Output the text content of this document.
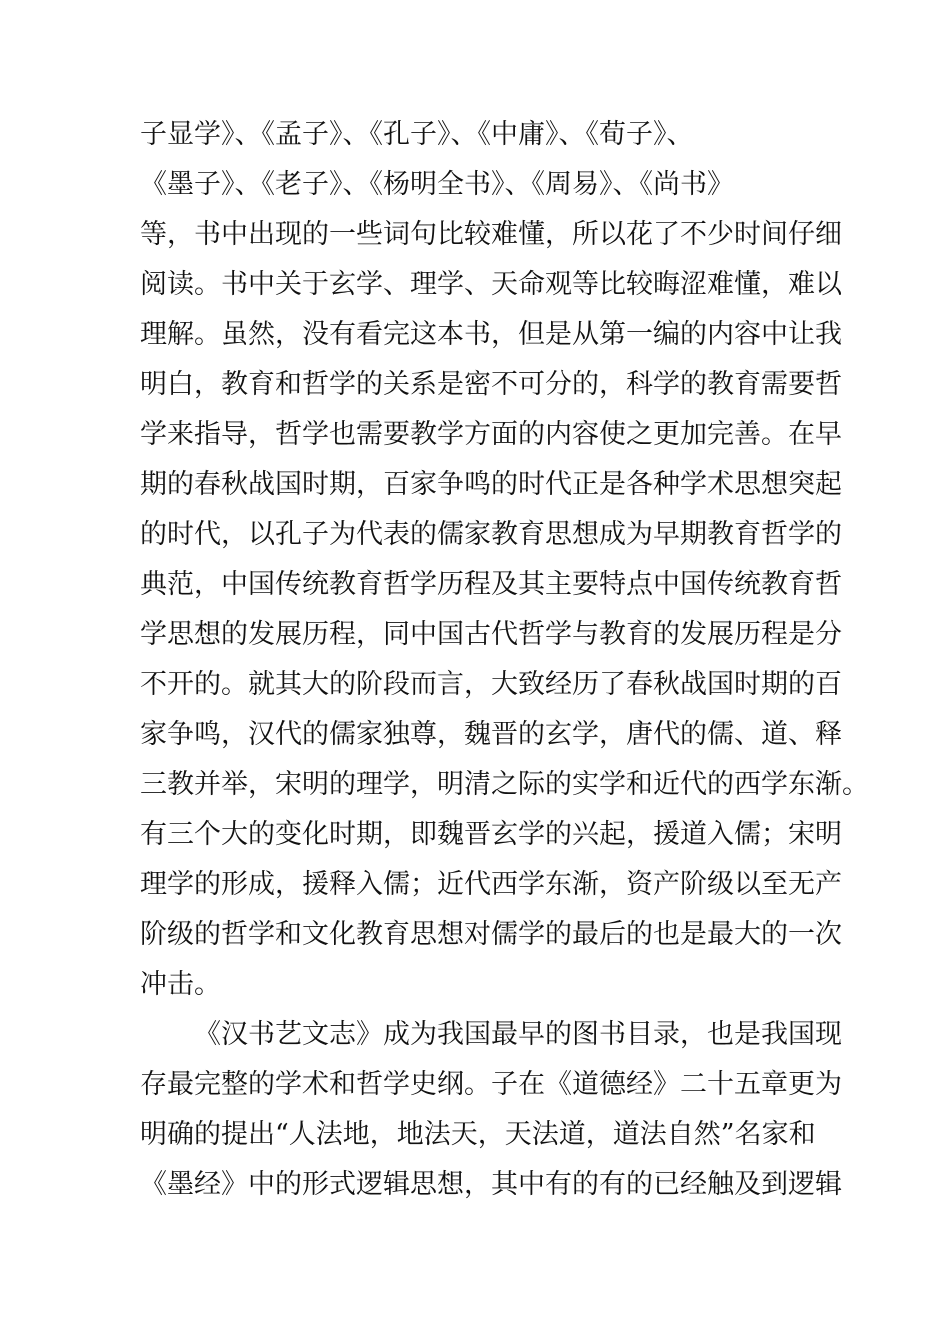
子显学》、《孟子》、《孔子》、《中庸》、《荀子》、
《墨子》、《老子》、《杨明全书》、《周易》、《尚书》
等，书中出现的一些词句比较难懂，所以花了不少时间仔细
阅读。书中关于玄学、理学、天命观等比较晦涩难懂，难以
理解。虽然，没有看完这本书，但是从第一编的内容中让我
明白，教育和哲学的关系是密不可分的，科学的教育需要哲
学来指导，哲学也需要教学方面的内容使之更加完善。在早
期的春秋战国时期，百家争鸣的时代正是各种学术思想突起
的时代，以孔子为代表的儒家教育思想成为早期教育哲学的
典范，中国传统教育哲学历程及其主要特点中国传统教育哲
学思想的发展历程，同中国古代哲学与教育的发展历程是分
不开的。就其大的阶段而言，大致经历了春秋战国时期的百
家争鸣，汉代的儒家独尊，魏晋的玄学，唐代的儒、道、释
三教并举，宋明的理学，明清之际的实学和近代的西学东渐。
有三个大的变化时期，即魏晋玄学的兴起，援道入儒；宋明
理学的形成，援释入儒；近代西学东渐，资产阶级以至无产
阶级的哲学和文化教育思想对儒学的最后的也是最大的一次
冲击。
《汉书艺文志》成为我国最早的图书目录，也是我国现
存最完整的学术和哲学史纲。子在《道德经》二十五章更为
明确的提出“人法地，地法天，天法道，道法自然”名家和
《墨经》中的形式逻辑思想，其中有的有的已经触及到逻辑
